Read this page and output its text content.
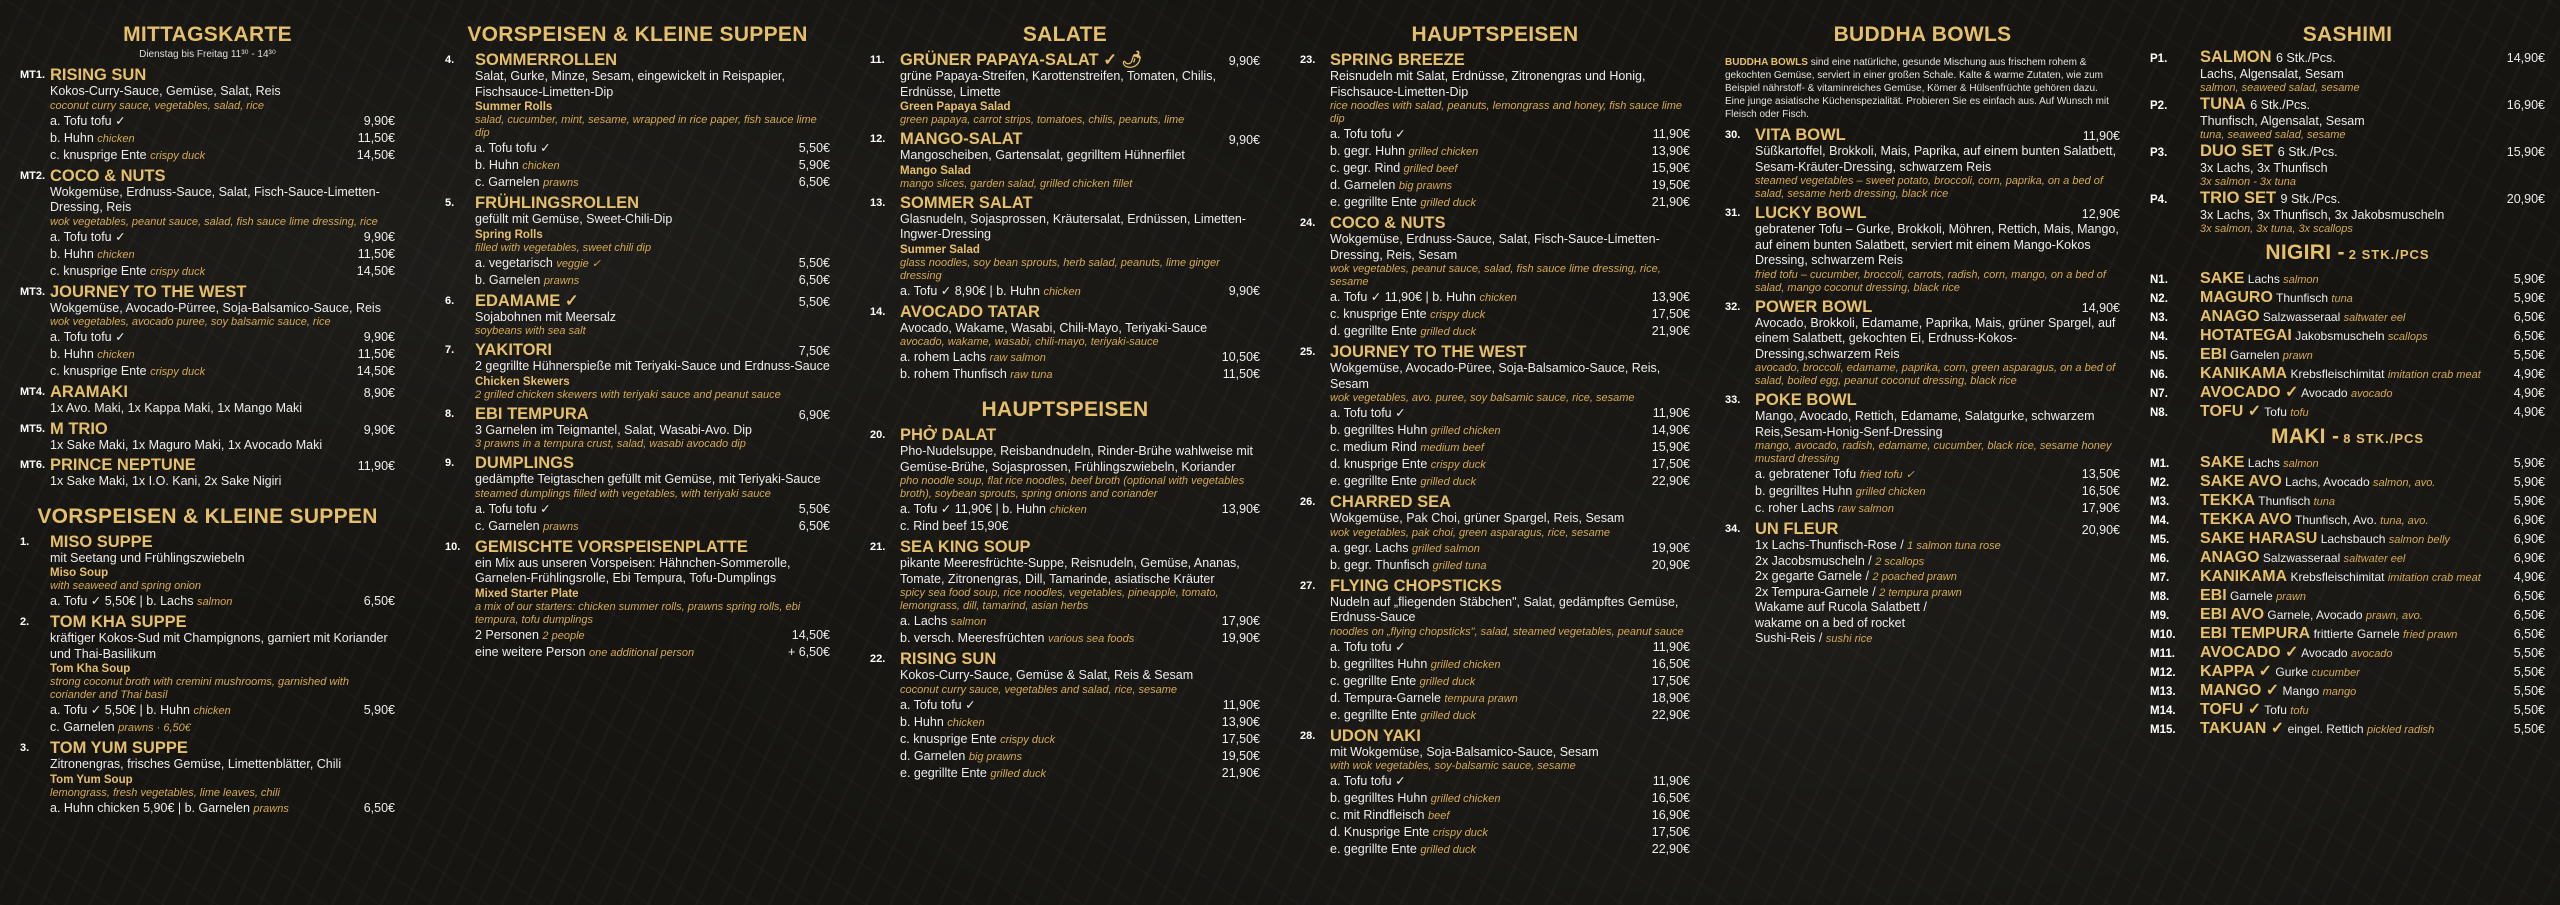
MITTAGSKARTE
Dienstag bis Freitag 11³⁰ - 14³⁰
MT1. RISING SUN
Kokos-Curry-Sauce, Gemüse, Salat, Reis
coconut curry sauce, vegetables, salad, rice
a. Tofu tofu ✓	9,90€
b. Huhn chicken	11,50€
c. knusprige Ente crispy duck	14,50€
MT2. COCO & NUTS
Wokgemüse, Erdnuss-Sauce, Salat, Fisch-Sauce-Limetten-Dressing, Reis
wok vegetables, peanut sauce, salad, fish sauce lime dressing, rice
a. Tofu tofu ✓	9,90€
b. Huhn chicken	11,50€
c. knusprige Ente crispy duck	14,50€
MT3. JOURNEY TO THE WEST
Wokgemüse, Avocado-Pürree, Soja-Balsamico-Sauce, Reis
wok vegetables, avocado puree, soy balsamic sauce, rice
a. Tofu tofu ✓	9,90€
b. Huhn chicken	11,50€
c. knusprige Ente crispy duck	14,50€
MT4. ARAMAKI	8,90€
1x Avo. Maki, 1x Kappa Maki, 1x Mango Maki
MT5. M TRIO	9,90€
1x Sake Maki, 1x Maguro Maki, 1x Avocado Maki
MT6. PRINCE NEPTUNE	11,90€
1x Sake Maki, 1x I.O. Kani, 2x Sake Nigiri
VORSPEISEN & KLEINE SUPPEN
1. MISO SUPPE
mit Seetang und Frühlingszwiebeln
Miso Soup
with seaweed and spring onion
a. Tofu ✓ 5,50€ | b. Lachs salmon	6,50€
2. TOM KHA SUPPE
kräftiger Kokos-Sud mit Champignons, garniert mit Koriander und Thai-Basilikum
Tom Kha Soup
strong coconut broth with cremini mushrooms, garnished with coriander and Thai basil
a. Tofu ✓ 5,50€ | b. Huhn chicken	5,90€
c. Garnelen prawns · 6,50€
3. TOM YUM SUPPE
Zitronengras, frisches Gemüse, Limettenblätter, Chili
Tom Yum Soup
lemongrass, fresh vegetables, lime leaves, chili
a. Huhn chicken 5,90€ | b. Garnelen prawns	6,50€
VORSPEISEN & KLEINE SUPPEN
4. SOMMERROLLEN
Salat, Gurke, Minze, Sesam, eingewickelt in Reispapier, Fischsauce-Limetten-Dip
Summer Rolls
salad, cucumber, mint, sesame, wrapped in rice paper, fish sauce lime dip
a. Tofu tofu ✓	5,50€
b. Huhn chicken	5,90€
c. Garnelen prawns	6,50€
5. FRÜHLINGSROLLEN
gefüllt mit Gemüse, Sweet-Chili-Dip
Spring Rolls
filled with vegetables, sweet chili dip
a. vegetarisch veggie ✓	5,50€
b. Garnelen prawns	6,50€
6. EDAMAME ✓	5,50€
Sojabohnen mit Meersalz
soybeans with sea salt
7. YAKITORI	7,50€
2 gegrillte Hühnerspieße mit Teriyaki-Sauce und Erdnuss-Sauce
Chicken Skewers
2 grilled chicken skewers with teriyaki sauce and peanut sauce
8. EBI TEMPURA	6,90€
3 Garnelen im Teigmantel, Salat, Wasabi-Avo. Dip
3 prawns in a tempura crust, salad, wasabi avocado dip
9. DUMPLINGS
gedämpfte Teigtaschen gefüllt mit Gemüse, mit Teriyaki-Sauce
steamed dumplings filled with vegetables, with teriyaki sauce
a. Tofu tofu ✓	5,50€
c. Garnelen prawns	6,50€
10. GEMISCHTE VORSPEISENPLATTE
ein Mix aus unseren Vorspeisen: Hähnchen-Sommerolle, Garnelen-Frühlingsrolle, Ebi Tempura, Tofu-Dumplings
Mixed Starter Plate
a mix of our starters: chicken summer rolls, prawns spring rolls, ebi tempura, tofu dumplings
2 Personen 2 people	14,50€
eine weitere Person one additional person	+ 6,50€
SALATE
11. GRÜNER PAPAYA-SALAT ✓ 🌶	9,90€
grüne Papaya-Streifen, Karottenstreifen, Tomaten, Chilis, Erdnüsse, Limette
Green Papaya Salad
green papaya, carrot strips, tomatoes, chilis, peanuts, lime
12. MANGO-SALAT	9,90€
Mangoscheiben, Gartensalat, gegrilltem Hühnerfilet
Mango Salad
mango slices, garden salad, grilled chicken fillet
13. SOMMER SALAT
Glasnudeln, Sojasprossen, Kräutersalat, Erdnüssen, Limetten-Ingwer-Dressing
Summer Salad
glass noodles, soy bean sprouts, herb salad, peanuts, lime ginger dressing
a. Tofu ✓ 8,90€ | b. Huhn chicken	9,90€
14. AVOCADO TATAR
Avocado, Wakame, Wasabi, Chili-Mayo, Teriyaki-Sauce
avocado, wakame, wasabi, chili-mayo, teriyaki-sauce
a. rohem Lachs raw salmon	10,50€
b. rohem Thunfisch raw tuna	11,50€
HAUPTSPEISEN
20. PHỞ DALAT
Pho-Nudelsuppe, Reisbandnudeln, Rinder-Brühe wahlweise mit Gemüse-Brühe, Sojasprossen, Frühlingszwiebeln, Koriander
pho noodle soup, flat rice noodles, beef broth (optional with vegetables broth), soybean sprouts, spring onions and coriander
a. Tofu ✓ 11,90€ | b. Huhn chicken	13,90€
c. Rind beef 15,90€
21. SEA KING SOUP
pikante Meeresfrüchte-Suppe, Reisnudeln, Gemüse, Ananas, Tomate, Zitronengras, Dill, Tamarinde, asiatische Kräuter
spicy sea food soup, rice noodles, vegetables, pineapple, tomato, lemongrass, dill, tamarind, asian herbs
a. Lachs salmon	17,90€
b. versch. Meeresfrüchten various sea foods	19,90€
22. RISING SUN
Kokos-Curry-Sauce, Gemüse & Salat, Reis & Sesam
coconut curry sauce, vegetables and salad, rice, sesame
a. Tofu tofu ✓	11,90€
b. Huhn chicken	13,90€
c. knusprige Ente crispy duck	17,50€
d. Garnelen big prawns	19,50€
e. gegrillte Ente grilled duck	21,90€
HAUPTSPEISEN
23. SPRING BREEZE
Reisnudeln mit Salat, Erdnüsse, Zitronengras und Honig, Fischsauce-Limetten-Dip
rice noodles with salad, peanuts, lemongrass and honey, fish sauce lime dip
a. Tofu tofu ✓	11,90€
b. gegr. Huhn grilled chicken	13,90€
c. gegr. Rind grilled beef	15,90€
d. Garnelen big prawns	19,50€
e. gegrillte Ente grilled duck	21,90€
24. COCO & NUTS
Wokgemüse, Erdnuss-Sauce, Salat, Fisch-Sauce-Limetten-Dressing, Reis, Sesam
wok vegetables, peanut sauce, salad, fish sauce lime dressing, rice, sesame
a. Tofu ✓ 11,90€ | b. Huhn chicken	13,90€
c. knusprige Ente crispy duck	17,50€
d. gegrillte Ente grilled duck	21,90€
25. JOURNEY TO THE WEST
Wokgemüse, Avocado-Püree, Soja-Balsamico-Sauce, Reis, Sesam
wok vegetables, avo. puree, soy balsamic sauce, rice, sesame
a. Tofu tofu ✓	11,90€
b. gegrilltes Huhn grilled chicken	14,90€
c. medium Rind medium beef	15,90€
d. knusprige Ente crispy duck	17,50€
e. gegrillte Ente grilled duck	22,90€
26. CHARRED SEA
Wokgemüse, Pak Choi, grüner Spargel, Reis, Sesam
wok vegetables, pak choi, green asparagus, rice, sesame
a. gegr. Lachs grilled salmon	19,90€
b. gegr. Thunfisch grilled tuna	20,90€
27. FLYING CHOPSTICKS
Nudeln auf „fliegenden Stäbchen", Salat, gedämpftes Gemüse, Erdnuss-Sauce
noodles on „flying chopsticks", salad, steamed vegetables, peanut sauce
a. Tofu tofu ✓	11,90€
b. gegrilltes Huhn grilled chicken	16,50€
c. gegrillte Ente grilled duck	17,50€
d. Tempura-Garnele tempura prawn	18,90€
e. gegrillte Ente grilled duck	22,90€
28. UDON YAKI
mit Wokgemüse, Soja-Balsamico-Sauce, Sesam
with wok vegetables, soy-balsamic sauce, sesame
a. Tofu tofu ✓	11,90€
b. gegrilltes Huhn grilled chicken	16,50€
c. mit Rindfleisch beef	16,90€
d. Knusprige Ente crispy duck	17,50€
e. gegrillte Ente grilled duck	22,90€
BUDDHA BOWLS
BUDDHA BOWLS sind eine natürliche, gesunde Mischung aus frischem rohem & gekochten Gemüse, serviert in einer großen Schale. Kalte & warme Zutaten, wie zum Beispiel nährstoff- & vitaminreiches Gemüse, Körner & Hülsenfrüchte gehören dazu. Eine junge asiatische Küchenspezialität. Probieren Sie es einfach aus. Auf Wunsch mit Fleisch oder Fisch.
30. VITA BOWL	11,90€
Süßkartoffel, Brokkoli, Mais, Paprika, auf einem bunten Salatbett, Sesam-Kräuter-Dressing, schwarzem Reis
steamed vegetables – sweet potato, broccoli, corn, paprika, on a bed of salad, sesame herb dressing, black rice
31. LUCKY BOWL	12,90€
gebratener Tofu – Gurke, Brokkoli, Möhren, Rettich, Mais, Mango, auf einem bunten Salatbett, serviert mit einem Mango-Kokos Dressing, schwarzem Reis
fried tofu – cucumber, broccoli, carrots, radish, corn, mango, on a bed of salad, mango coconut dressing, black rice
32. POWER BOWL	14,90€
Avocado, Brokkoli, Edamame, Paprika, Mais, grüner Spargel, auf einem Salatbett, gekochten Ei, Erdnuss-Kokos-Dressing,schwarzem Reis
avocado, broccoli, edamame, paprika, corn, green asparagus, on a bed of salad, boiled egg, peanut coconut dressing, black rice
33. POKE BOWL
Mango, Avocado, Rettich, Edamame, Salatgurke, schwarzem Reis,Sesam-Honig-Senf-Dressing
mango, avocado, radish, edamame, cucumber, black rice, sesame honey mustard dressing
a. gebratener Tofu fried tofu ✓	13,50€
b. gegrilltes Huhn grilled chicken	16,50€
c. roher Lachs raw salmon	17,90€
34. UN FLEUR	20,90€
1x Lachs-Thunfisch-Rose / 1 salmon tuna rose
2x Jacobsmuscheln / 2 scallops
2x gegarte Garnele / 2 poached prawn
2x Tempura-Garnele / 2 tempura prawn
Wakame auf Rucola Salatbett /
wakame on a bed of rocket
Sushi-Reis / sushi rice
SASHIMI
P1.	SALMON 6 Stk./Pcs.	14,90€
Lachs, Algensalat, Sesam
salmon, seaweed salad, sesame
P2.	TUNA 6 Stk./Pcs.	16,90€
Thunfisch, Algensalat, Sesam
tuna, seaweed salad, sesame
P3.	DUO SET 6 Stk./Pcs.	15,90€
3x Lachs, 3x Thunfisch
3x salmon - 3x tuna
P4.	TRIO SET 9 Stk./Pcs.	20,90€
3x Lachs, 3x Thunfisch, 3x Jakobsmuscheln
3x salmon, 3x tuna, 3x scallops
NIGIRI - 2 STK./PCS
N1.	SAKE Lachs salmon	5,90€
N2.	MAGURO Thunfisch tuna	5,90€
N3.	ANAGO Salzwasseraal saltwater eel	6,50€
N4.	HOTATEGAI Jakobsmuscheln scallops	6,50€
N5.	EBI Garnelen prawn	5,50€
N6.	KANIKAMA Krebsfleischimitat imitation crab meat	4,90€
N7.	AVOCADO ✓ Avocado avocado	4,90€
N8.	TOFU ✓ Tofu tofu	4,90€
MAKI - 8 STK./PCS
M1.	SAKE Lachs salmon	5,90€
M2.	SAKE AVO Lachs, Avocado salmon, avo.	5,90€
M3.	TEKKA Thunfisch tuna	5,90€
M4.	TEKKA AVO Thunfisch, Avo. tuna, avo.	6,90€
M5.	SAKE HARASU Lachsbauch salmon belly	6,90€
M6.	ANAGO Salzwasseraal saltwater eel	6,90€
M7.	KANIKAMA Krebsfleischimitat imitation crab meat	4,90€
M8.	EBI Garnele prawn	6,50€
M9.	EBI AVO Garnele, Avocado prawn, avo.	6,50€
M10.	EBI TEMPURA frittierte Garnele fried prawn	6,50€
M11.	AVOCADO ✓ Avocado avocado	5,50€
M12.	KAPPA ✓ Gurke cucumber	5,50€
M13.	MANGO ✓ Mango mango	5,50€
M14.	TOFU ✓ Tofu tofu	5,50€
M15.	TAKUAN ✓ eingel. Rettich pickled radish	5,50€
